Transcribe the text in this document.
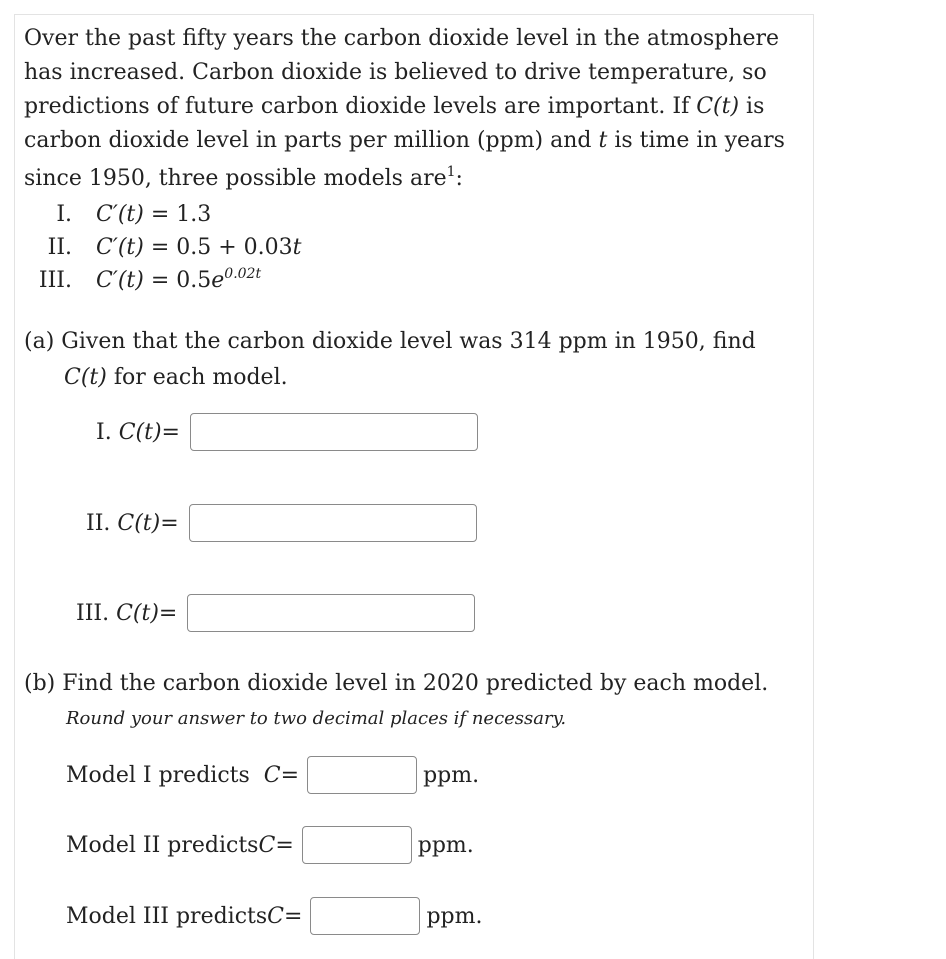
Over the past fifty years the carbon dioxide level in the atmosphere

has increased. Carbon dioxide is believed to drive temperature, so

predictions of future carbon dioxide levels are important. If C(t) is

carbon dioxide level in parts per million (ppm) and t is time in years

since 1950, three possible models are$^1$:

I. C′(t) = 1.3
II. C′(t) = 0.5 + 0.03t
III. $C'(t) = 0.5e^{0.02t}$
(a) Given that the carbon dioxide level was 314 ppm in 1950, find
C(t) for each model.
I.
C(t) =
II.
C(t) =
III.
C(t) =
(b) Find the carbon dioxide level in 2020 predicted by each model.
Round your answer to two decimal places if necessary.
Model I predicts
C =	ppm.
Model II predicts C =	ppm.
Model III predicts C =	ppm.
